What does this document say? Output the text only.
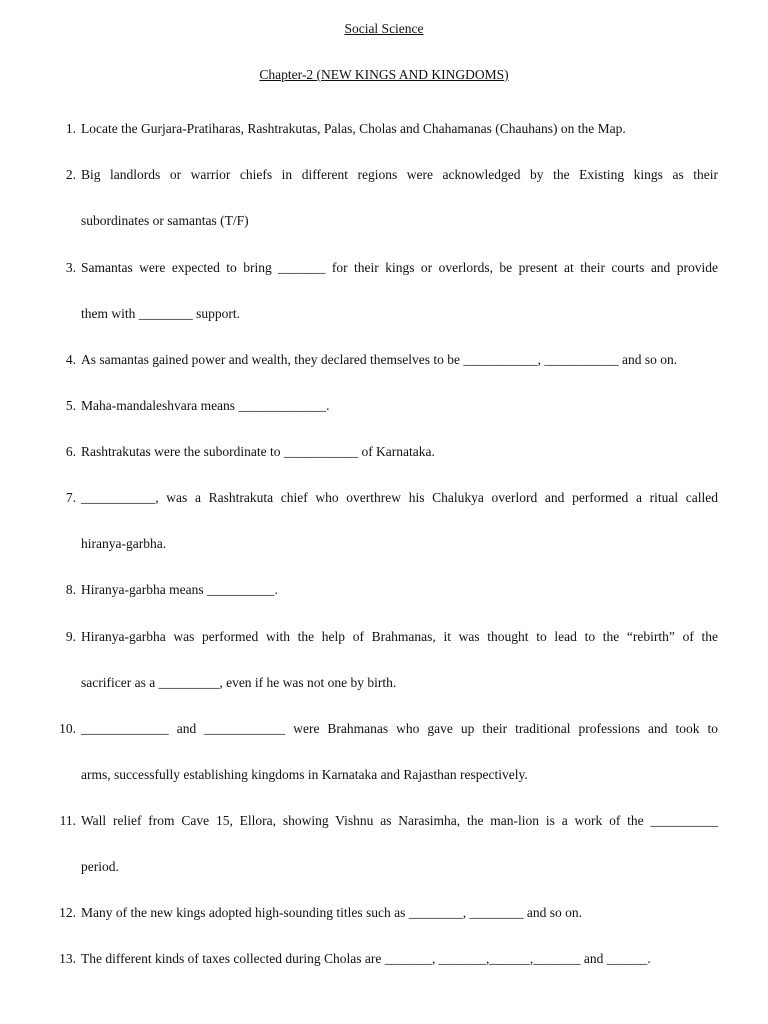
Social Science
Chapter-2 (NEW KINGS AND KINGDOMS)
1. Locate the Gurjara-Pratiharas, Rashtrakutas, Palas, Cholas and Chahamanas (Chauhans) on the Map.
2. Big landlords or warrior chiefs in different regions were acknowledged by the Existing kings as their
subordinates or samantas (T/F)
3. Samantas were expected to bring _______ for their kings or overlords, be present at their courts and provide
them with ________ support.
4. As samantas gained power and wealth, they declared themselves to be ___________, ___________ and so on.
5. Maha-mandaleshvara means _____________.
6. Rashtrakutas were the subordinate to ___________ of Karnataka.
7. ___________, was a Rashtrakuta chief who overthrew his Chalukya overlord and performed a ritual called
hiranya-garbha.
8. Hiranya-garbha means __________.
9. Hiranya-garbha was performed with the help of Brahmanas, it was thought to lead to the “rebirth” of the
sacrificer as a _________, even if he was not one by birth.
10. _____________ and ____________ were Brahmanas who gave up their traditional professions and took to
arms, successfully establishing kingdoms in Karnataka and Rajasthan respectively.
11. Wall relief from Cave 15, Ellora, showing Vishnu as Narasimha, the man-lion is a work of the __________
period.
12. Many of the new kings adopted high-sounding titles such as ________, ________ and so on.
13. The different kinds of taxes collected during Cholas are _______, _______,______,_______ and ______.
